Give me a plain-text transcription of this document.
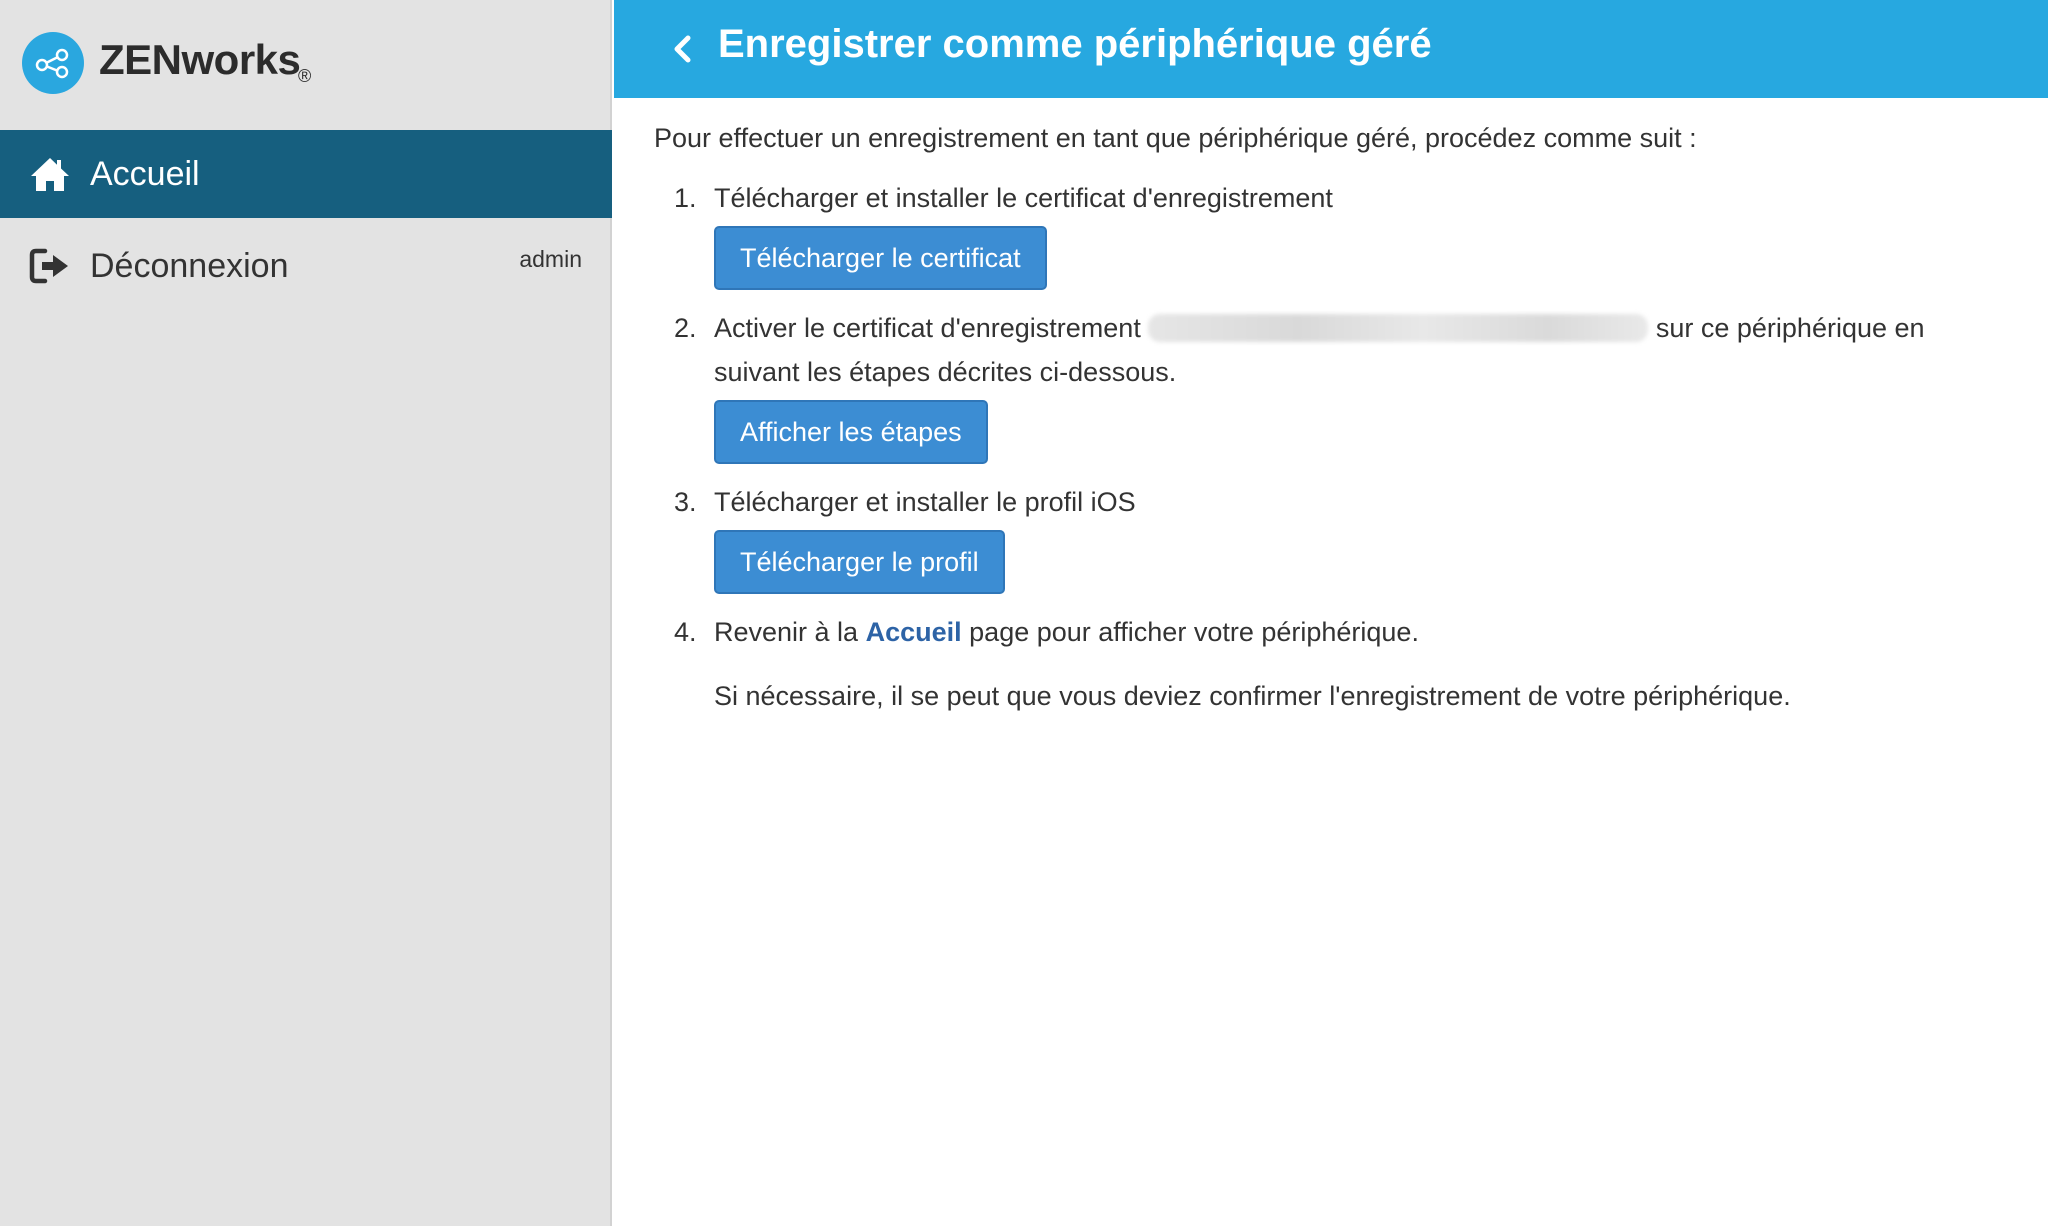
ZENworks
®
Accueil
Déconnexion	admin
Enregistrer comme périphérique géré

Pour effectuer un enregistrement en tant que périphérique géré, procédez comme suit :

1. Télécharger et installer le certificat d'enregistrement
Télécharger le certificat
2. Activer le certificat d'enregistrement	sur ce périphérique en suivant les étapes décrites ci-dessous.
Afficher les étapes
3. Télécharger et installer le profil iOS
Télécharger le profil
4. Revenir à la Accueil page pour afficher votre périphérique.
Si nécessaire, il se peut que vous deviez confirmer l'enregistrement de votre périphérique.
